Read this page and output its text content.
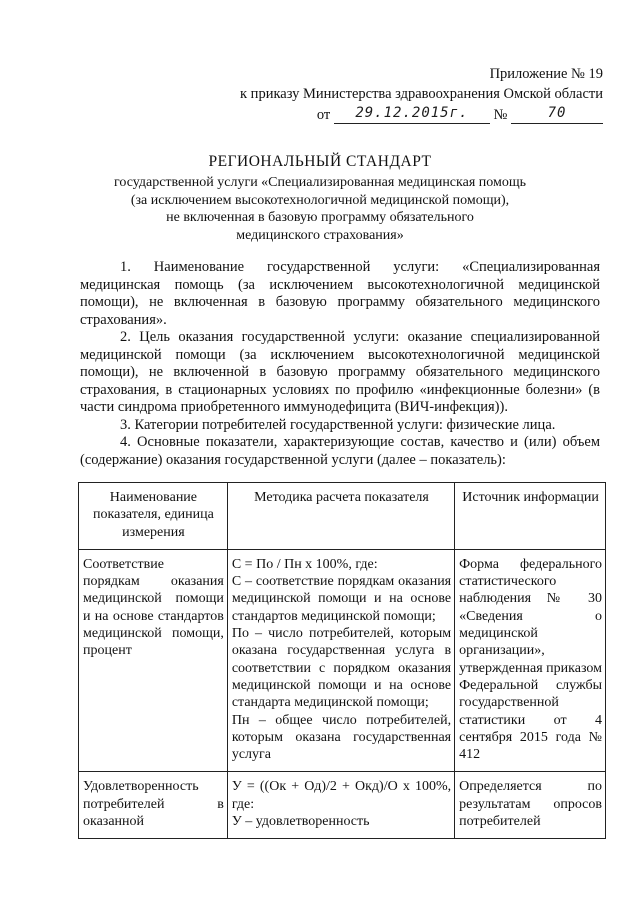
Приложение № 19
к приказу Министерства здравоохранения Омской области
от 29.12.2015г. №	70
РЕГИОНАЛЬНЫЙ СТАНДАРТ
государственной услуги «Специализированная медицинская помощь
(за исключением высокотехнологичной медицинской помощи),
не включенная в базовую программу обязательного
медицинского страхования»

1. Наименование государственной услуги: «Специализированная медицинская помощь (за исключением высокотехнологичной медицинской помощи), не включенная в базовую программу обязательного медицинского страхования».

2. Цель оказания государственной услуги: оказание специализированной медицинской помощи (за исключением высокотехнологичной медицинской помощи), не включенной в базовую программу обязательного медицинского страхования, в стационарных условиях по профилю «инфекционные болезни» (в части синдрома приобретенного иммунодефицита (ВИЧ-инфекция)).

3. Категории потребителей государственной услуги: физические лица.

4. Основные показатели, характеризующие состав, качество и (или) объем (содержание) оказания государственной услуги (далее – показатель):

Наименование показателя, единица измерения	Методика расчета показателя	Источник информации
Соответствие порядкам оказания медицинской помощи и на основе стандартов медицинской помощи, процент	С = По / Пн х 100%, где:
С – соответствие порядкам оказания медицинской помощи и на основе стандартов медицинской помощи;
По – число потребителей, которым оказана государственная услуга в соответствии с порядком оказания медицинской помощи и на основе стандарта медицинской помощи;
Пн – общее число потребителей, которым оказана государственная услуга	Форма федерального статистического наблюдения № 30 «Сведения о медицинской организации», утвержденная приказом Федеральной службы государственной статистики от 4 сентября 2015 года № 412
Удовлетворенность потребителей в оказанной	У = ((Ок + Од)/2 + Окд)/О х 100%, где:
У – удовлетворенность	Определяется по результатам опросов потребителей
